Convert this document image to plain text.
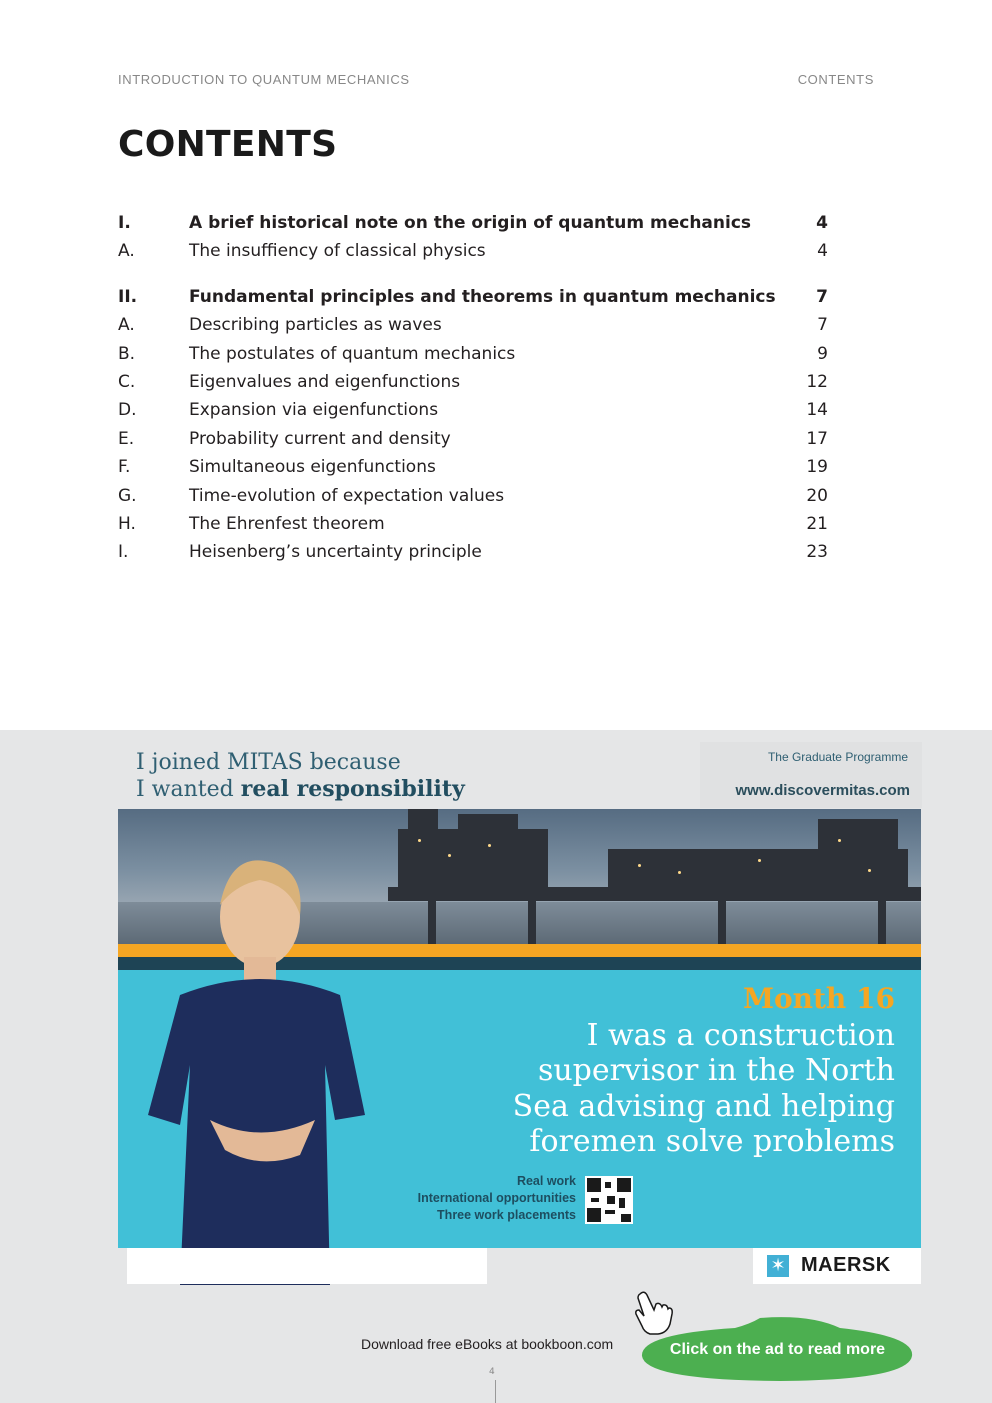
INTRODUCTION TO QUANTUM MECHANICS	CONTENTS
CONTENTS
I.	A brief historical note on the origin of quantum mechanics	4
A.	The insuffiency of classical physics	4
II.	Fundamental principles and theorems in quantum mechanics 7
A.	Describing particles as waves	7
B.	The postulates of quantum mechanics	9
C.	Eigenvalues and eigenfunctions	12
D.	Expansion via eigenfunctions	14
E.	Probability current and density	17
F.	Simultaneous eigenfunctions	19
G.	Time-evolution of expectation values	20
H.	The Ehrenfest theorem	21
I.	Heisenberg’s uncertainty principle	23
I joined MITAS because
I wanted real responsibility
The Graduate Programme
www.discovermitas.com
✶ MAERSK
Month 16
I was a construction supervisor in the North Sea advising and helping foremen solve problems
Real work
International opportunities
Three work placements
Download free eBooks at bookboon.com	Click on the ad to read more
4
